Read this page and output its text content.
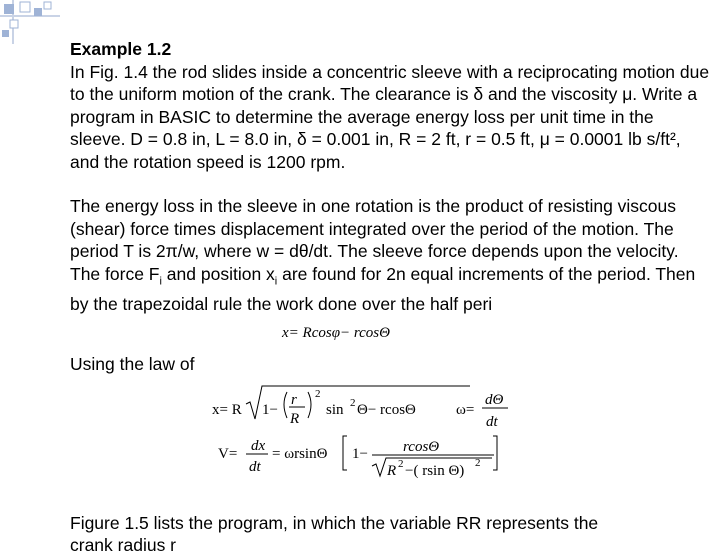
Example 1.2

In Fig. 1.4 the rod slides inside a concentric sleeve with a reciprocating motion due to the uniform motion of the crank. The clearance is δ and the viscosity μ. Write a program in BASIC to determine the average energy loss per unit time in the sleeve. D = 0.8 in, L = 8.0 in, δ = 0.001 in, R = 2 ft, r = 0.5 ft, μ = 0.0001 lb s/ft², and the rotation speed is 1200 rpm.

The energy loss in the sleeve in one rotation is the product of resisting viscous (shear) force times displacement integrated over the period of the motion. The period T is 2π/w, where w = dθ/dt. The sleeve force depends upon the velocity. The force $F_i$ and position $x_i$ are found for 2n equal increments of the period. Then by the trapezoidal rule the work done over the half peri

Using the law of

x= Rcosφ− rcosΘ
x= R 1−
r
R
2
sin 2 Θ− rcosΘ	ω=
dΘ
dt
V= dx
dt
= ωrsinΘ 1− rcosΘ
R 2 −( rsin Θ) 2
Figure 1.5 lists the program, in which the variable RR represents the
crank radius r
